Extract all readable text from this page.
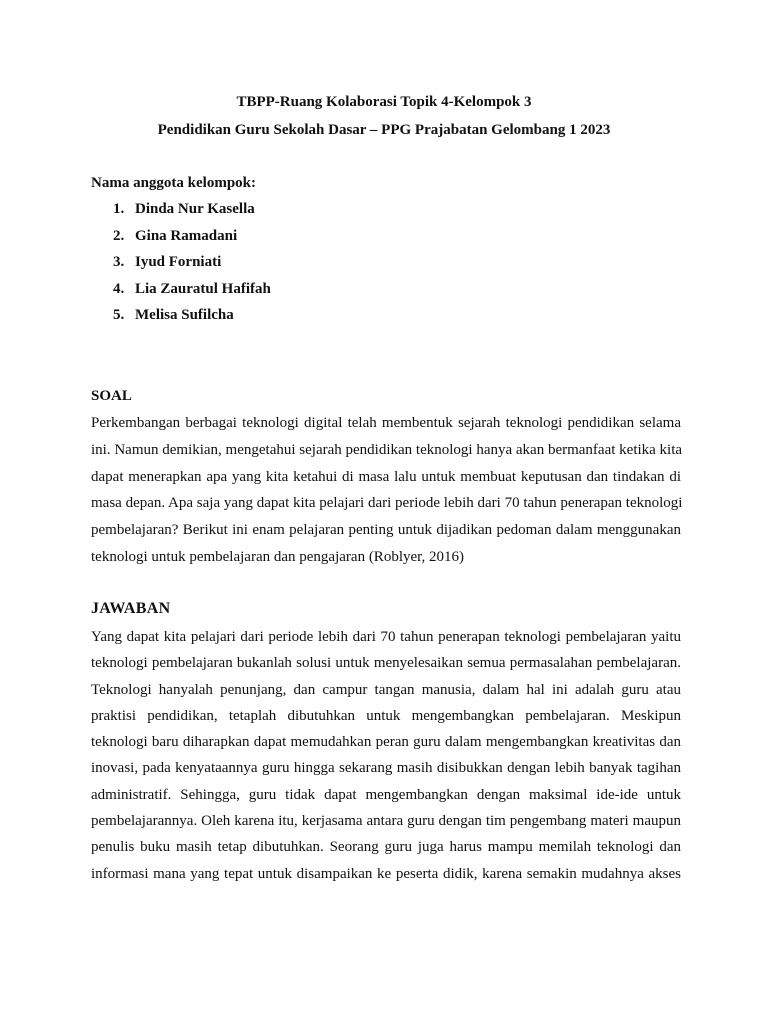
TBPP-Ruang Kolaborasi Topik 4-Kelompok 3
Pendidikan Guru Sekolah Dasar – PPG Prajabatan Gelombang 1 2023
Nama anggota kelompok:
1. Dinda Nur Kasella
2. Gina Ramadani
3. Iyud Forniati
4. Lia Zauratul Hafifah
5. Melisa Sufilcha
SOAL
Perkembangan berbagai teknologi digital telah membentuk sejarah teknologi pendidikan selama
ini. Namun demikian, mengetahui sejarah pendidikan teknologi hanya akan bermanfaat ketika kita
dapat menerapkan apa yang kita ketahui di masa lalu untuk membuat keputusan dan tindakan di
masa depan. Apa saja yang dapat kita pelajari dari periode lebih dari 70 tahun penerapan teknologi
pembelajaran? Berikut ini enam pelajaran penting untuk dijadikan pedoman dalam menggunakan
teknologi untuk pembelajaran dan pengajaran (Roblyer, 2016)
JAWABAN
Yang dapat kita pelajari dari periode lebih dari 70 tahun penerapan teknologi pembelajaran yaitu
teknologi pembelajaran bukanlah solusi untuk menyelesaikan semua permasalahan pembelajaran.
Teknologi hanyalah penunjang, dan campur tangan manusia, dalam hal ini adalah guru atau
praktisi pendidikan, tetaplah dibutuhkan untuk mengembangkan pembelajaran. Meskipun
teknologi baru diharapkan dapat memudahkan peran guru dalam mengembangkan kreativitas dan
inovasi, pada kenyataannya guru hingga sekarang masih disibukkan dengan lebih banyak tagihan
administratif. Sehingga, guru tidak dapat mengembangkan dengan maksimal ide-ide untuk
pembelajarannya. Oleh karena itu, kerjasama antara guru dengan tim pengembang materi maupun
penulis buku masih tetap dibutuhkan. Seorang guru juga harus mampu memilah teknologi dan
informasi mana yang tepat untuk disampaikan ke peserta didik, karena semakin mudahnya akses
